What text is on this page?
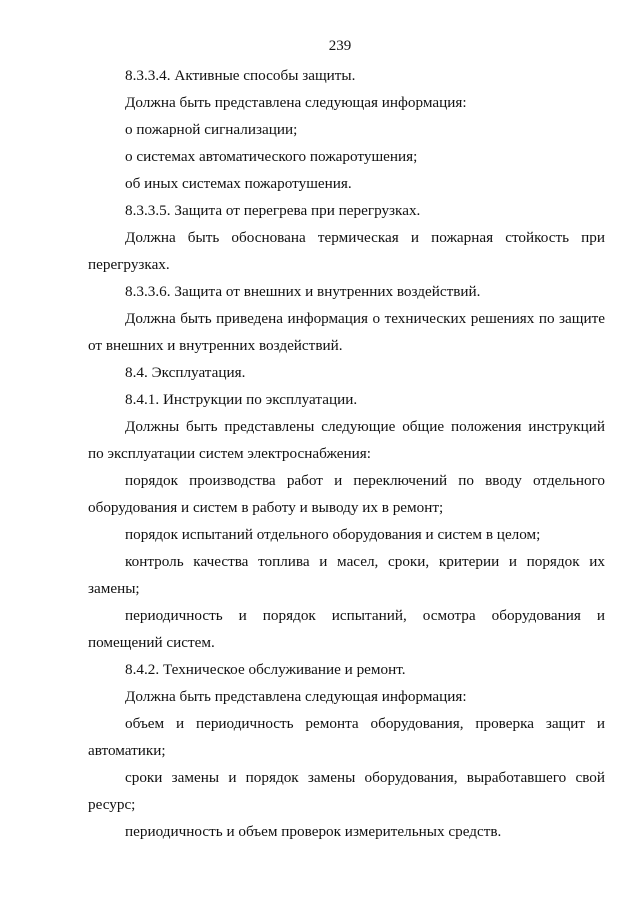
239

8.3.3.4. Активные способы защиты.

Должна быть представлена следующая информация:

о пожарной сигнализации;

о системах автоматического пожаротушения;

об иных системах пожаротушения.

8.3.3.5. Защита от перегрева при перегрузках.

Должна быть обоснована термическая и пожарная стойкость при перегрузках.

8.3.3.6. Защита от внешних и внутренних воздействий.

Должна быть приведена информация о технических решениях по защите от внешних и внутренних воздействий.

8.4. Эксплуатация.

8.4.1. Инструкции по эксплуатации.

Должны быть представлены следующие общие положения инструкций по эксплуатации систем электроснабжения:

порядок производства работ и переключений по вводу отдельного оборудования и систем в работу и выводу их в ремонт;

порядок испытаний отдельного оборудования и систем в целом;

контроль качества топлива и масел, сроки, критерии и порядок их замены;

периодичность и порядок испытаний, осмотра оборудования и помещений систем.

8.4.2. Техническое обслуживание и ремонт.

Должна быть представлена следующая информация:

объем и периодичность ремонта оборудования, проверка защит и автоматики;

сроки замены и порядок замены оборудования, выработавшего свой ресурс;

периодичность и объем проверок измерительных средств.
